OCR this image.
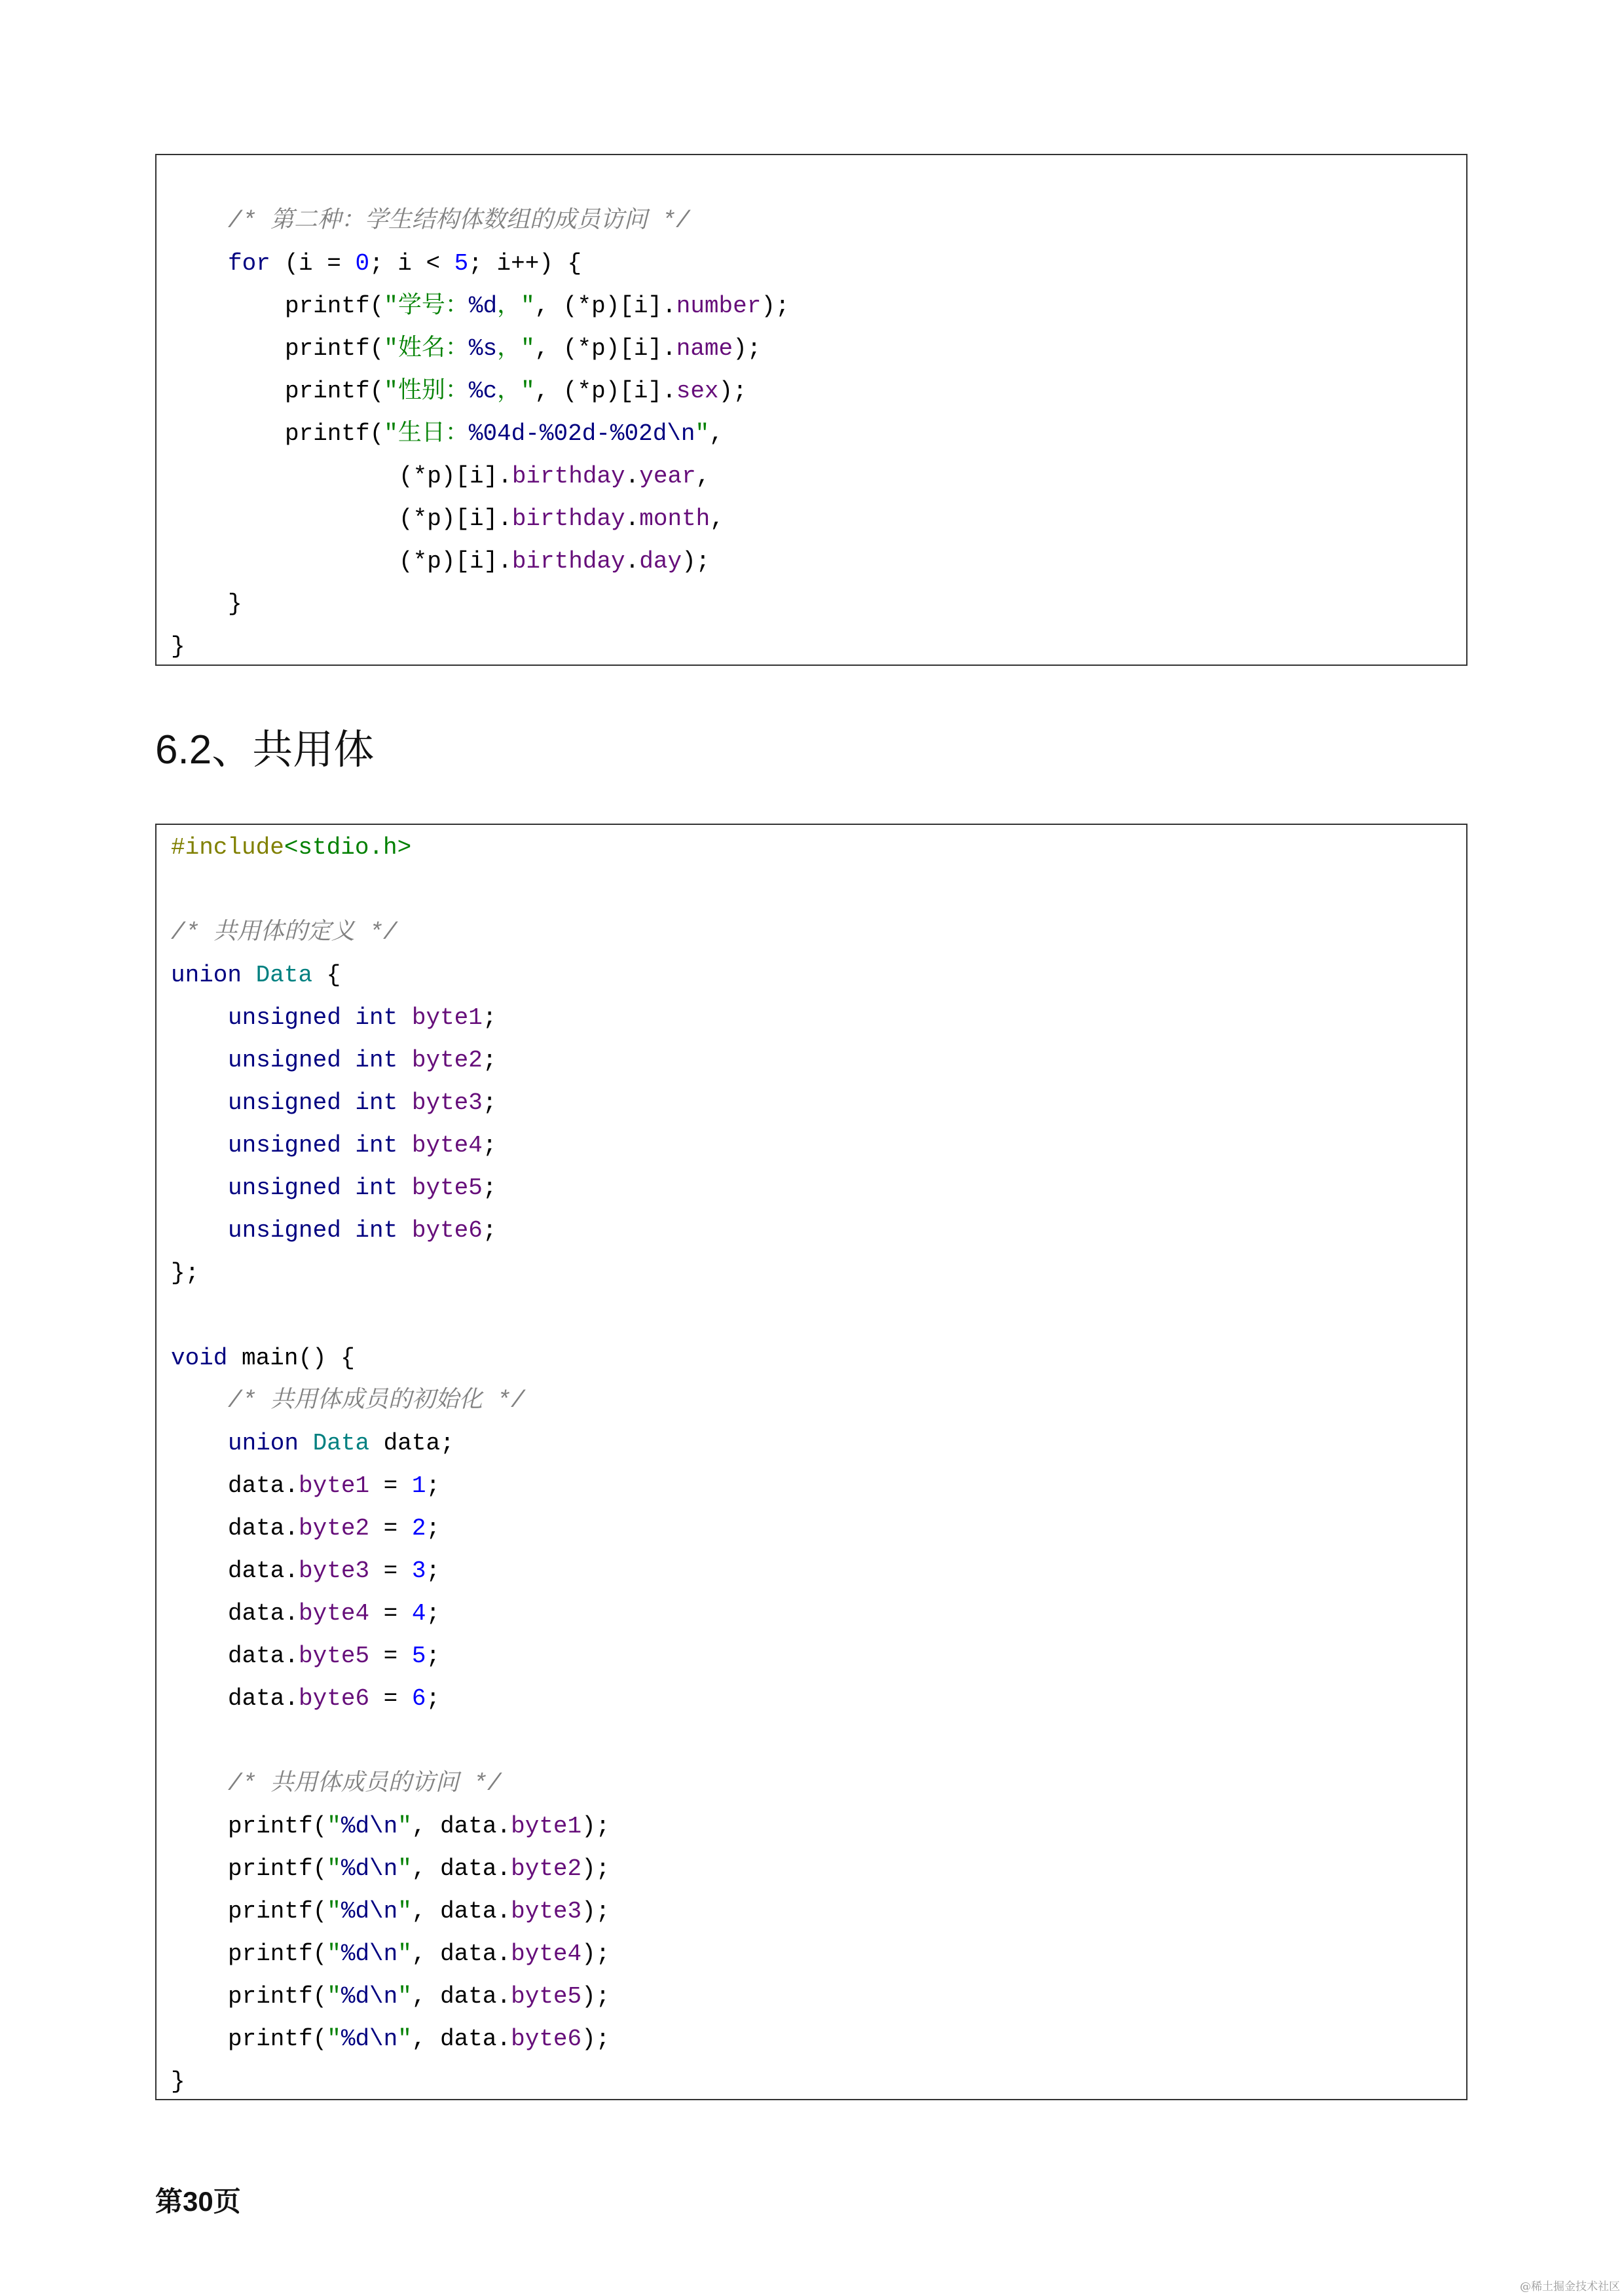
/* 第二种：学生结构体数组的成员访问 */
for (i = 0; i < 5; i++) {
printf("学号：%d，", (*p)[i].number);
printf("姓名：%s，", (*p)[i].name);
printf("性别：%c，", (*p)[i].sex);
printf("生日：%04d-%02d-%02d\n",
(*p)[i].birthday.year,
(*p)[i].birthday.month,
(*p)[i].birthday.day);
}
}
6.2、共用体
#include<stdio.h>
/* 共用体的定义 */
union Data {
unsigned int byte1;
unsigned int byte2;
unsigned int byte3;
unsigned int byte4;
unsigned int byte5;
unsigned int byte6;
};
void main() {
/* 共用体成员的初始化 */
union Data data;
data.byte1 = 1;
data.byte2 = 2;
data.byte3 = 3;
data.byte4 = 4;
data.byte5 = 5;
data.byte6 = 6;
/* 共用体成员的访问 */
printf("%d\n", data.byte1);
printf("%d\n", data.byte2);
printf("%d\n", data.byte3);
printf("%d\n", data.byte4);
printf("%d\n", data.byte5);
printf("%d\n", data.byte6);
}
第30页
@稀土掘金技术社区
